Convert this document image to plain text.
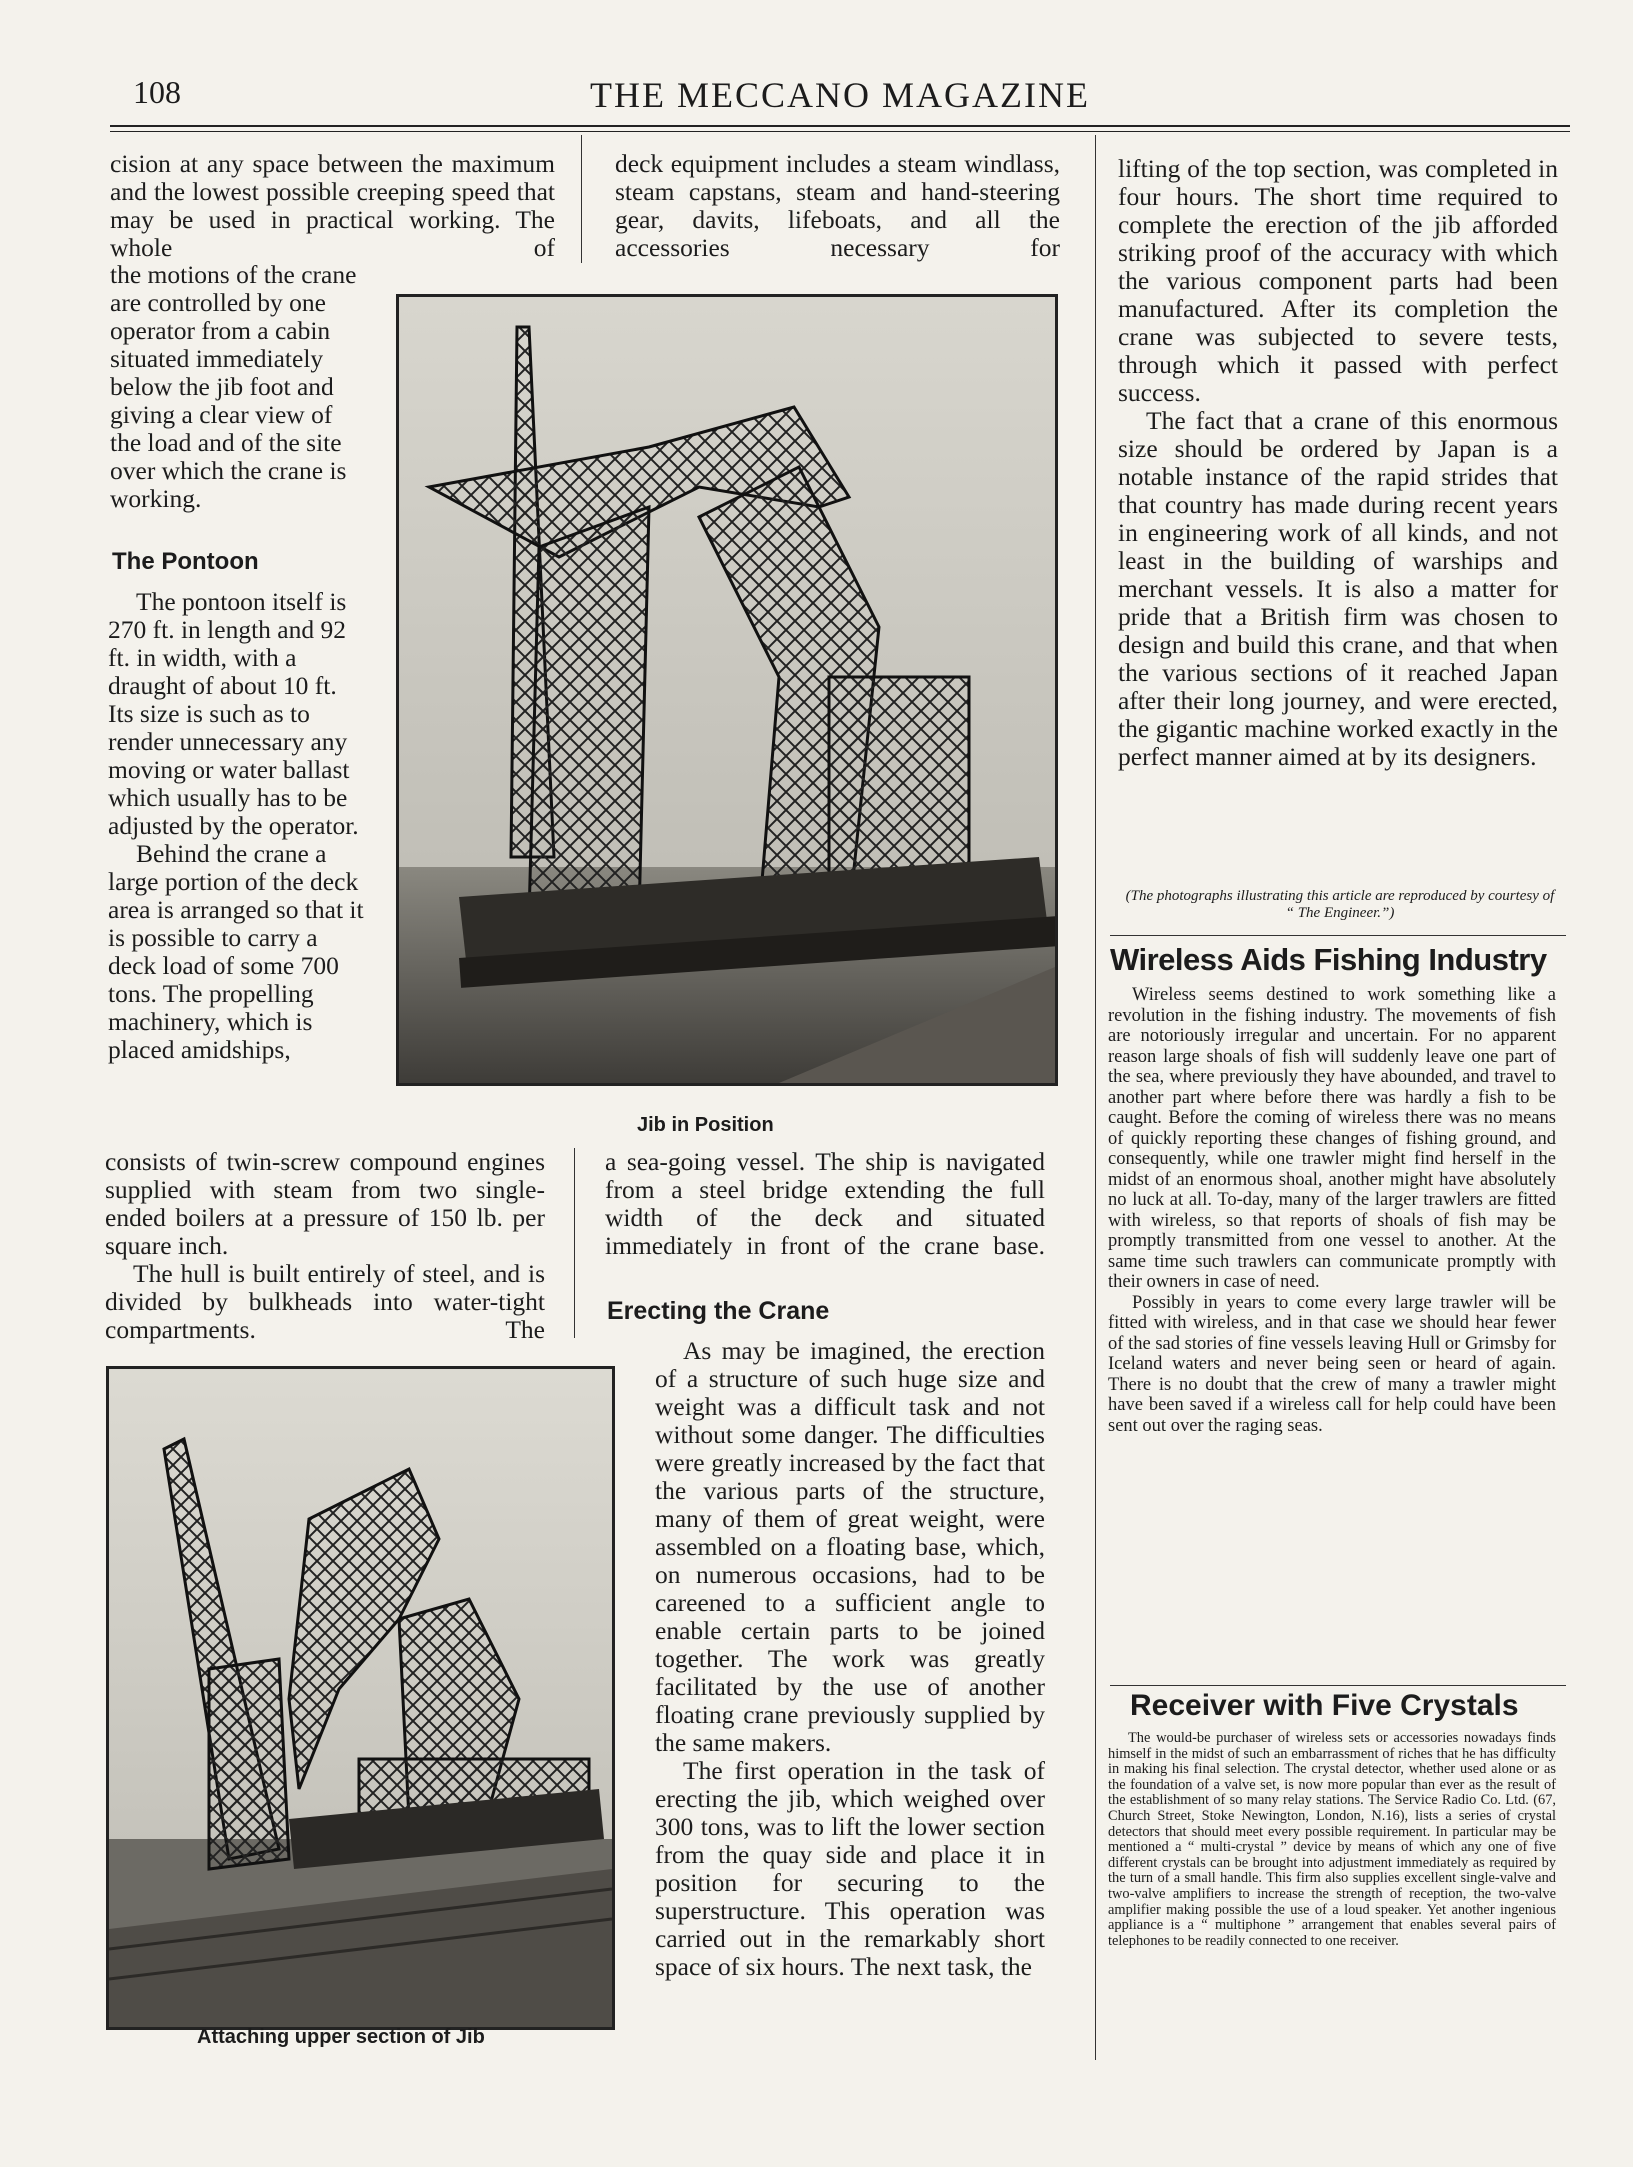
108	THE MECCANO MAGAZINE

cision at any space between the maximum and the lowest possible creeping speed that may be used in practical working. The whole of

the motions of the crane are controlled by one operator from a cabin situated immediately below the jib foot and giving a clear view of the load and of the site over which the crane is working.

The Pontoon

The pontoon itself is 270 ft. in length and 92 ft. in width, with a draught of about 10 ft. Its size is such as to render unnecessary any moving or water ballast which usually has to be adjusted by the operator.

Behind the crane a large portion of the deck area is arranged so that it is possible to carry a deck load of some 700 tons. The propelling machinery, which is placed amidships,

consists of twin-screw compound engines supplied with steam from two single-ended boilers at a pressure of 150 lb. per square inch.

The hull is built entirely of steel, and is divided by bulkheads into water-tight compartments. The

deck equipment includes a steam windlass, steam capstans, steam and hand-steering gear, davits, lifeboats, and all the accessories necessary for

a sea-going vessel. The ship is navigated from a steel bridge extending the full width of the deck and situated immediately in front of the crane base.

Erecting the Crane

As may be imagined, the erection of a structure of such huge size and weight was a difficult task and not without some danger. The difficulties were greatly increased by the fact that the various parts of the structure, many of them of great weight, were assembled on a floating base, which, on numerous occasions, had to be careened to a sufficient angle to enable certain parts to be joined together. The work was greatly facilitated by the use of another floating crane previously supplied by the same makers.

The first operation in the task of erecting the jib, which weighed over 300 tons, was to lift the lower section from the quay side and place it in position for securing to the superstructure. This operation was carried out in the remarkably short space of six hours. The next task, the

lifting of the top section, was completed in four hours. The short time required to complete the erection of the jib afforded striking proof of the accuracy with which the various component parts had been manufactured. After its completion the crane was subjected to severe tests, through which it passed with perfect success.

The fact that a crane of this enormous size should be ordered by Japan is a notable instance of the rapid strides that that country has made during recent years in engineering work of all kinds, and not least in the building of warships and merchant vessels. It is also a matter for pride that a British firm was chosen to design and build this crane, and that when the various sections of it reached Japan after their long journey, and were erected, the gigantic machine worked exactly in the perfect manner aimed at by its designers.

(The photographs illustrating this article are reproduced by courtesy of “ The Engineer.”)
Wireless Aids Fishing Industry

Wireless seems destined to work something like a revolution in the fishing industry. The movements of fish are notoriously irregular and uncertain. For no apparent reason large shoals of fish will suddenly leave one part of the sea, where previously they have abounded, and travel to another part where before there was hardly a fish to be caught. Before the coming of wireless there was no means of quickly reporting these changes of fishing ground, and consequently, while one trawler might find herself in the midst of an enormous shoal, another might have absolutely no luck at all. To-day, many of the larger trawlers are fitted with wireless, so that reports of shoals of fish may be promptly transmitted from one vessel to another. At the same time such trawlers can communicate promptly with their owners in case of need.

Possibly in years to come every large trawler will be fitted with wireless, and in that case we should hear fewer of the sad stories of fine vessels leaving Hull or Grimsby for Iceland waters and never being seen or heard of again. There is no doubt that the crew of many a trawler might have been saved if a wireless call for help could have been sent out over the raging seas.

Receiver with Five Crystals
The would-be purchaser of wireless sets or accessories nowadays finds himself in the midst of such an embarrassment of riches that he has difficulty in making his final selection. The crystal detector, whether used alone or as the foundation of a valve set, is now more popular than ever as the result of the establishment of so many relay stations. The Service Radio Co. Ltd. (67, Church Street, Stoke Newington, London, N.16), lists a series of crystal detectors that should meet every possible requirement. In particular may be mentioned a “ multi-crystal ” device by means of which any one of five different crystals can be brought into adjustment immediately as required by the turn of a small handle. This firm also supplies excellent single-valve and two-valve amplifiers to increase the strength of reception, the two-valve amplifier making possible the use of a loud speaker. Yet another ingenious appliance is a “ multiphone ” arrangement that enables several pairs of telephones to be readily connected to one receiver.
Jib in Position
Attaching upper section of Jib
